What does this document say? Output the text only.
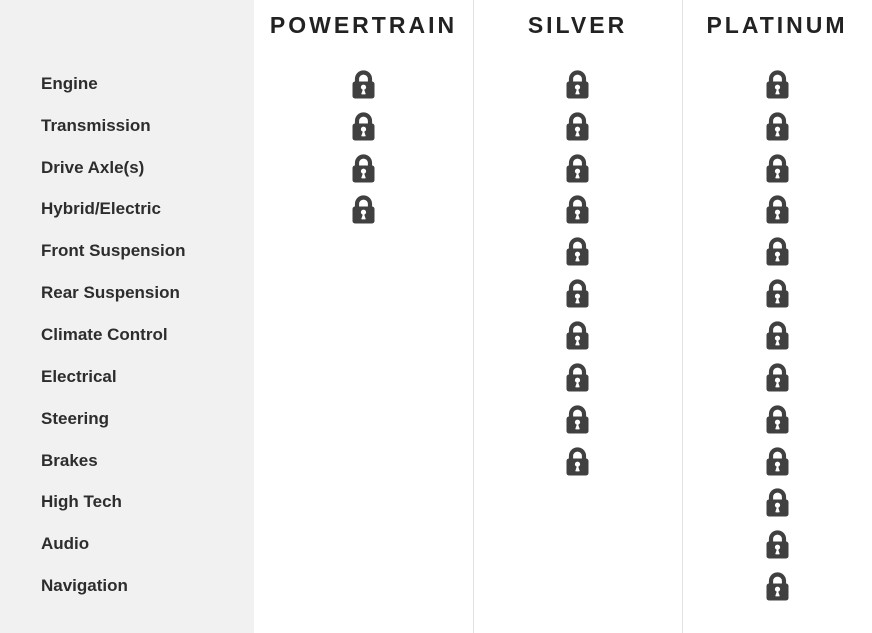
POWERTRAIN	SILVER	PLATINUM
Engine
Transmission
Drive Axle(s)
Hybrid/Electric
Front Suspension
Rear Suspension
Climate Control
Electrical
Steering
Brakes
High Tech
Audio
Navigation
